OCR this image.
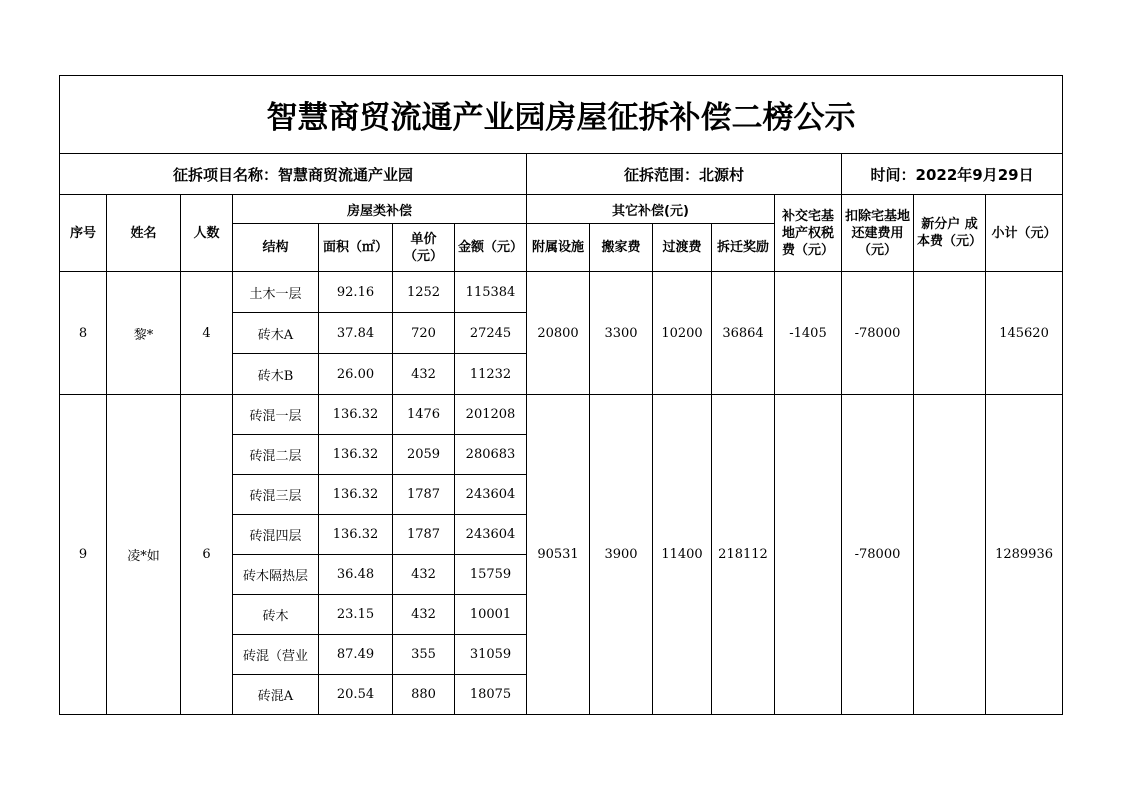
智慧商贸流通产业园房屋征拆补偿二榜公示														
征拆项目名称：智慧商贸流通产业园							征拆范围：北源村					时间：2022年9月29日		
序号	姓名	人数	房屋类补偿				其它补偿(元)				补交宅基地产权税费（元）	扣除宅基地还建费用（元）	新分户 成本费（元）	小计（元）
			结构	面积（㎡）	单价（元）	金额（元）	附属设施	搬家费	过渡费	拆迁奖励				
8	黎*	4	土木一层	92.16	1252	115384	20800	3300	10200	36864	-1405	-78000		145620
			砖木A	37.84	720	27245								
			砖木B	26.00	432	11232								
9	凌*如	6	砖混一层	136.32	1476	201208	90531	3900	11400	218112		-78000		1289936
			砖混二层	136.32	2059	280683								
			砖混三层	136.32	1787	243604								
			砖混四层	136.32	1787	243604								
			砖木隔热层	36.48	432	15759								
			砖木	23.15	432	10001								
			砖混（营业	87.49	355	31059								
			砖混A	20.54	880	18075								
